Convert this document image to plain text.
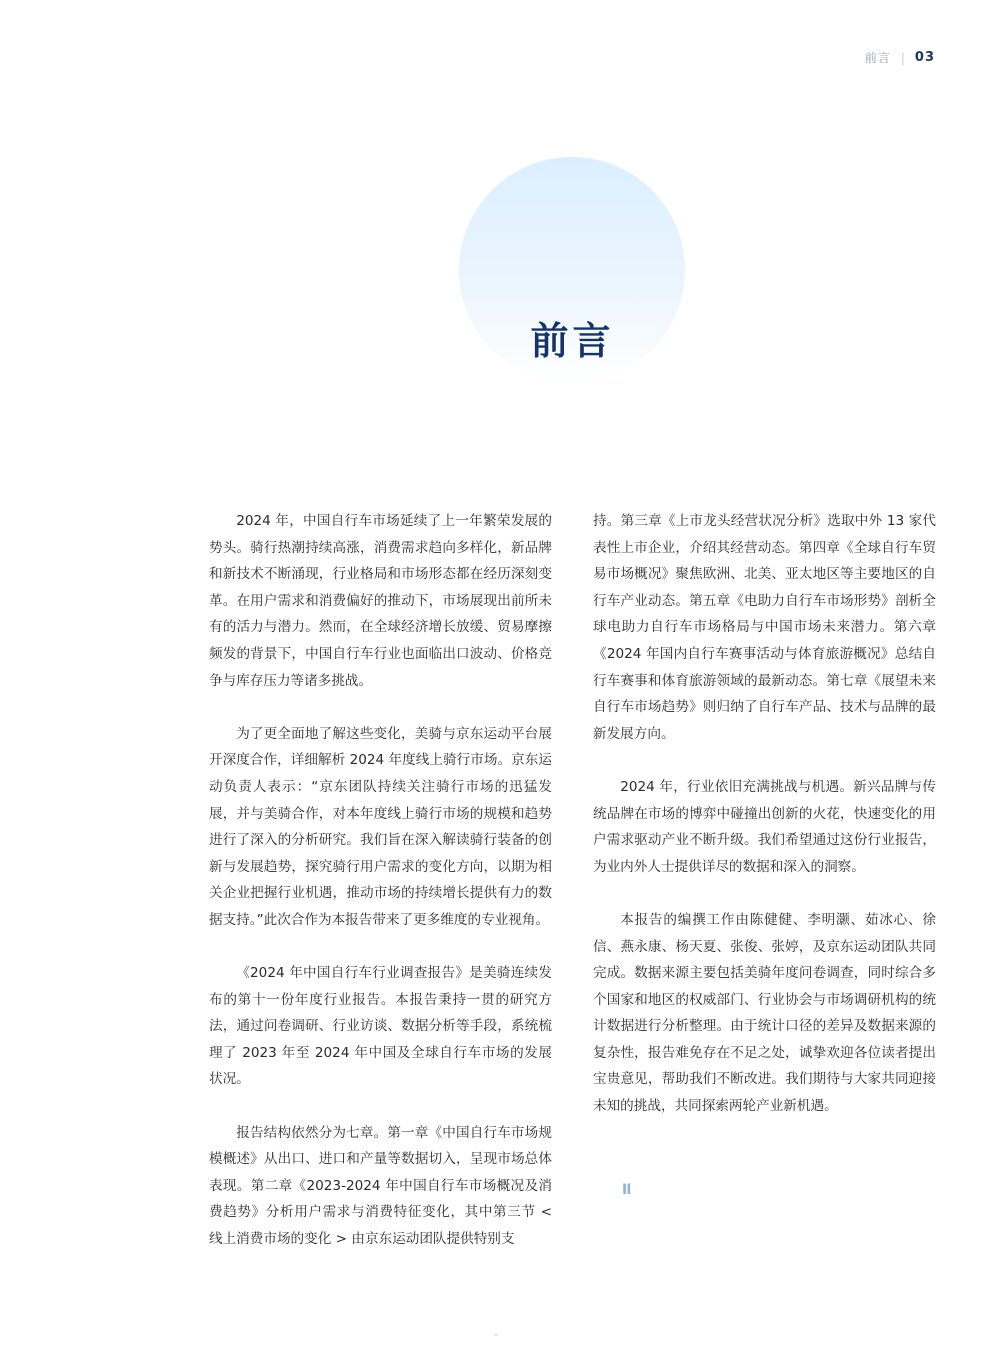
前言 | 03
前言

2024 年，中国自行车市场延续了上一年繁荣发展的势头。骑行热潮持续高涨，消费需求趋向多样化，新品牌和新技术不断涌现，行业格局和市场形态都在经历深刻变革。在用户需求和消费偏好的推动下，市场展现出前所未有的活力与潜力。然而，在全球经济增长放缓、贸易摩擦频发的背景下，中国自行车行业也面临出口波动、价格竞争与库存压力等诸多挑战。

为了更全面地了解这些变化，美骑与京东运动平台展开深度合作，详细解析 2024 年度线上骑行市场。京东运动负责人表示：“京东团队持续关注骑行市场的迅猛发展，并与美骑合作，对本年度线上骑行市场的规模和趋势进行了深入的分析研究。我们旨在深入解读骑行装备的创新与发展趋势，探究骑行用户需求的变化方向，以期为相关企业把握行业机遇，推动市场的持续增长提供有力的数据支持。”此次合作为本报告带来了更多维度的专业视角。

《2024 年中国自行车行业调查报告》是美骑连续发布的第十一份年度行业报告。本报告秉持一贯的研究方法，通过问卷调研、行业访谈、数据分析等手段，系统梳理了 2023 年至 2024 年中国及全球自行车市场的发展状况。

报告结构依然分为七章。第一章《中国自行车市场规模概述》从出口、进口和产量等数据切入，呈现市场总体表现。第二章《2023-2024 年中国自行车市场概况及消费趋势》分析用户需求与消费特征变化，其中第三节 < 线上消费市场的变化 > 由京东运动团队提供特别支

持。第三章《上市龙头经营状况分析》选取中外 13 家代表性上市企业，介绍其经营动态。第四章《全球自行车贸易市场概况》聚焦欧洲、北美、亚太地区等主要地区的自行车产业动态。第五章《电助力自行车市场形势》剖析全球电助力自行车市场格局与中国市场未来潜力。第六章《2024 年国内自行车赛事活动与体育旅游概况》总结自行车赛事和体育旅游领域的最新动态。第七章《展望未来自行车市场趋势》则归纳了自行车产品、技术与品牌的最新发展方向。

2024 年，行业依旧充满挑战与机遇。新兴品牌与传统品牌在市场的博弈中碰撞出创新的火花，快速变化的用户需求驱动产业不断升级。我们希望通过这份行业报告，为业内外人士提供详尽的数据和深入的洞察。

本报告的编撰工作由陈健健、李明灏、茹冰心、徐信、燕永康、杨天夏、张俊、张婷，及京东运动团队共同完成。数据来源主要包括美骑年度问卷调查，同时综合多个国家和地区的权威部门、行业协会与市场调研机构的统计数据进行分析整理。由于统计口径的差异及数据来源的复杂性，报告难免存在不足之处，诚挚欢迎各位读者提出宝贵意见，帮助我们不断改进。我们期待与大家共同迎接未知的挑战，共同探索两轮产业新机遇。

II
